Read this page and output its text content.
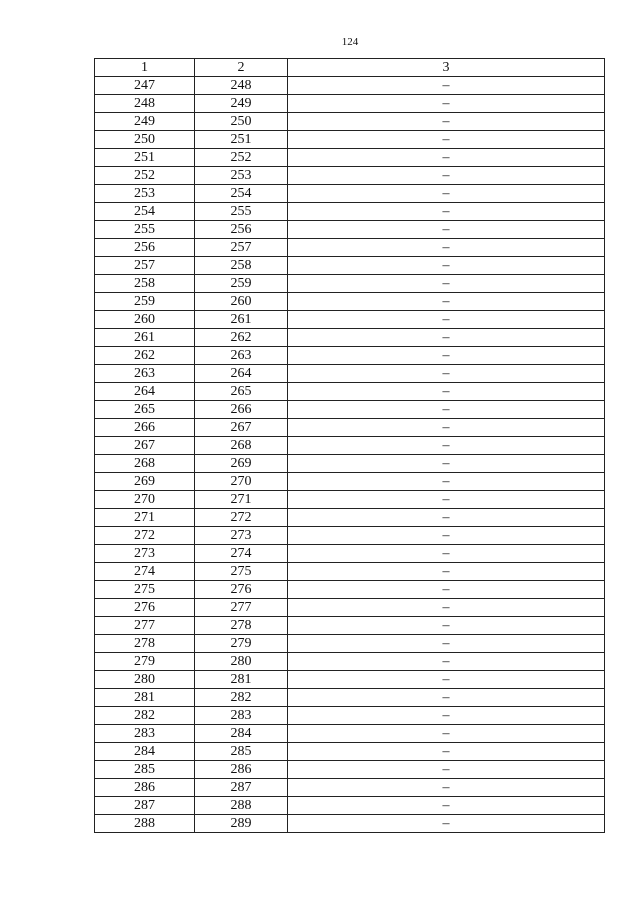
124
1	2	3
247	248	–
248	249	–
249	250	–
250	251	–
251	252	–
252	253	–
253	254	–
254	255	–
255	256	–
256	257	–
257	258	–
258	259	–
259	260	–
260	261	–
261	262	–
262	263	–
263	264	–
264	265	–
265	266	–
266	267	–
267	268	–
268	269	–
269	270	–
270	271	–
271	272	–
272	273	–
273	274	–
274	275	–
275	276	–
276	277	–
277	278	–
278	279	–
279	280	–
280	281	–
281	282	–
282	283	–
283	284	–
284	285	–
285	286	–
286	287	–
287	288	–
288	289	–
